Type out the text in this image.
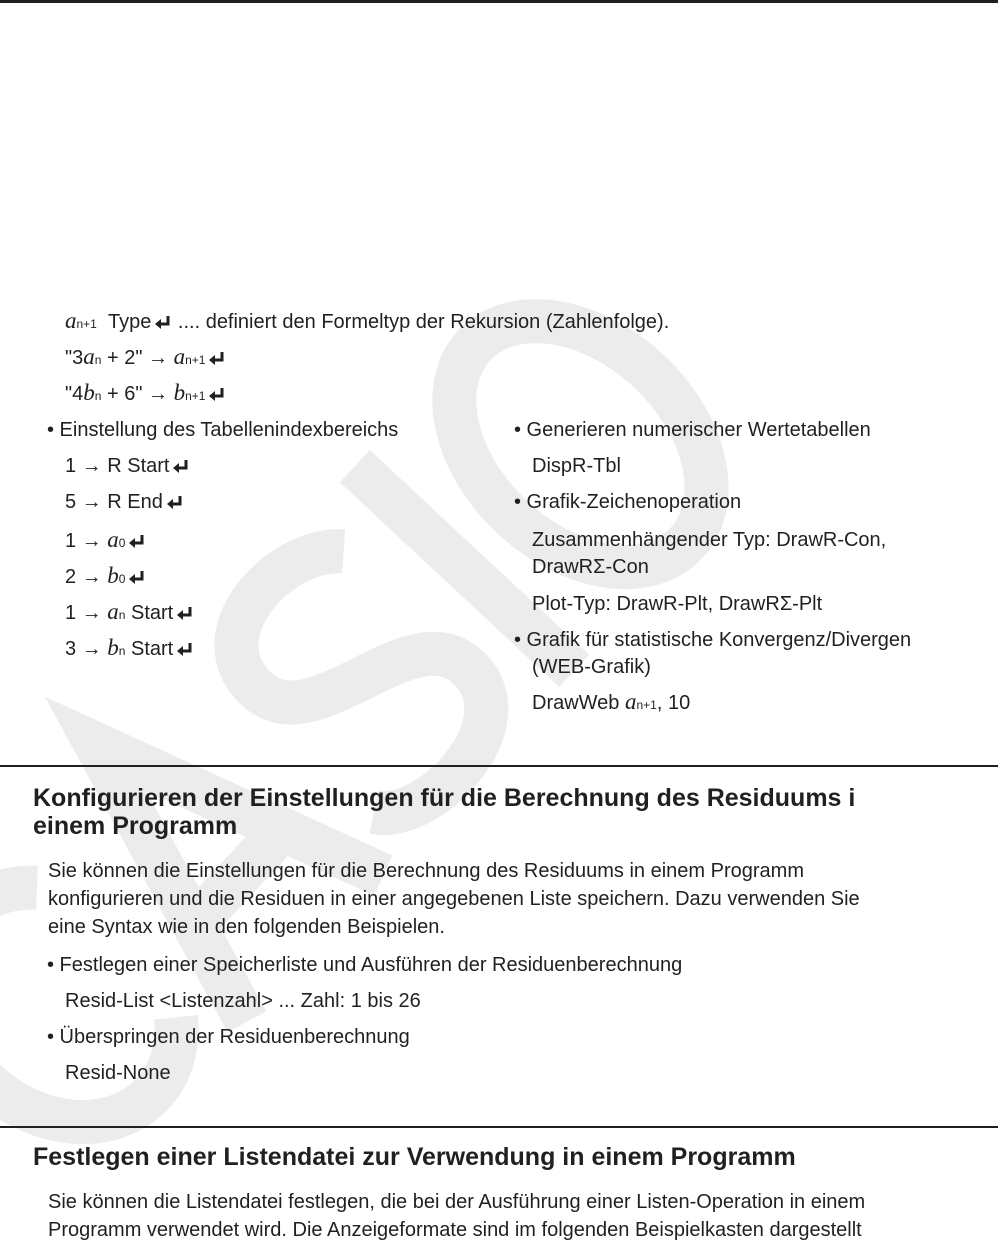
an+1 Type .... definiert den Formeltyp der Rekursion (Zahlenfolge).
"3an + 2" → an+1
"4bn + 6" → bn+1
• Einstellung des Tabellenindexbereichs
1 → R Start
5 → R End
1 → a0
2 → b0
1 → an Start
3 → bn Start
• Generieren numerischer Wertetabellen
DispR-Tbl
• Grafik-Zeichenoperation
Zusammenhängender Typ: DrawR-Con,
DrawRΣ-Con
Plot-Typ: DrawR-Plt, DrawRΣ-Plt
• Grafik für statistische Konvergenz/Divergen
(WEB-Grafik)
DrawWeb an+1, 10
Konfigurieren der Einstellungen für die Berechnung des Residuums i
einem Programm
Sie können die Einstellungen für die Berechnung des Residuums in einem Programm
konfigurieren und die Residuen in einer angegebenen Liste speichern. Dazu verwenden Sie
eine Syntax wie in den folgenden Beispielen.
• Festlegen einer Speicherliste und Ausführen der Residuenberechnung
Resid-List <Listenzahl> ... Zahl: 1 bis 26
• Überspringen der Residuenberechnung
Resid-None
Festlegen einer Listendatei zur Verwendung in einem Programm
Sie können die Listendatei festlegen, die bei der Ausführung einer Listen-Operation in einem
Programm verwendet wird. Die Anzeigeformate sind im folgenden Beispielkasten dargestellt
